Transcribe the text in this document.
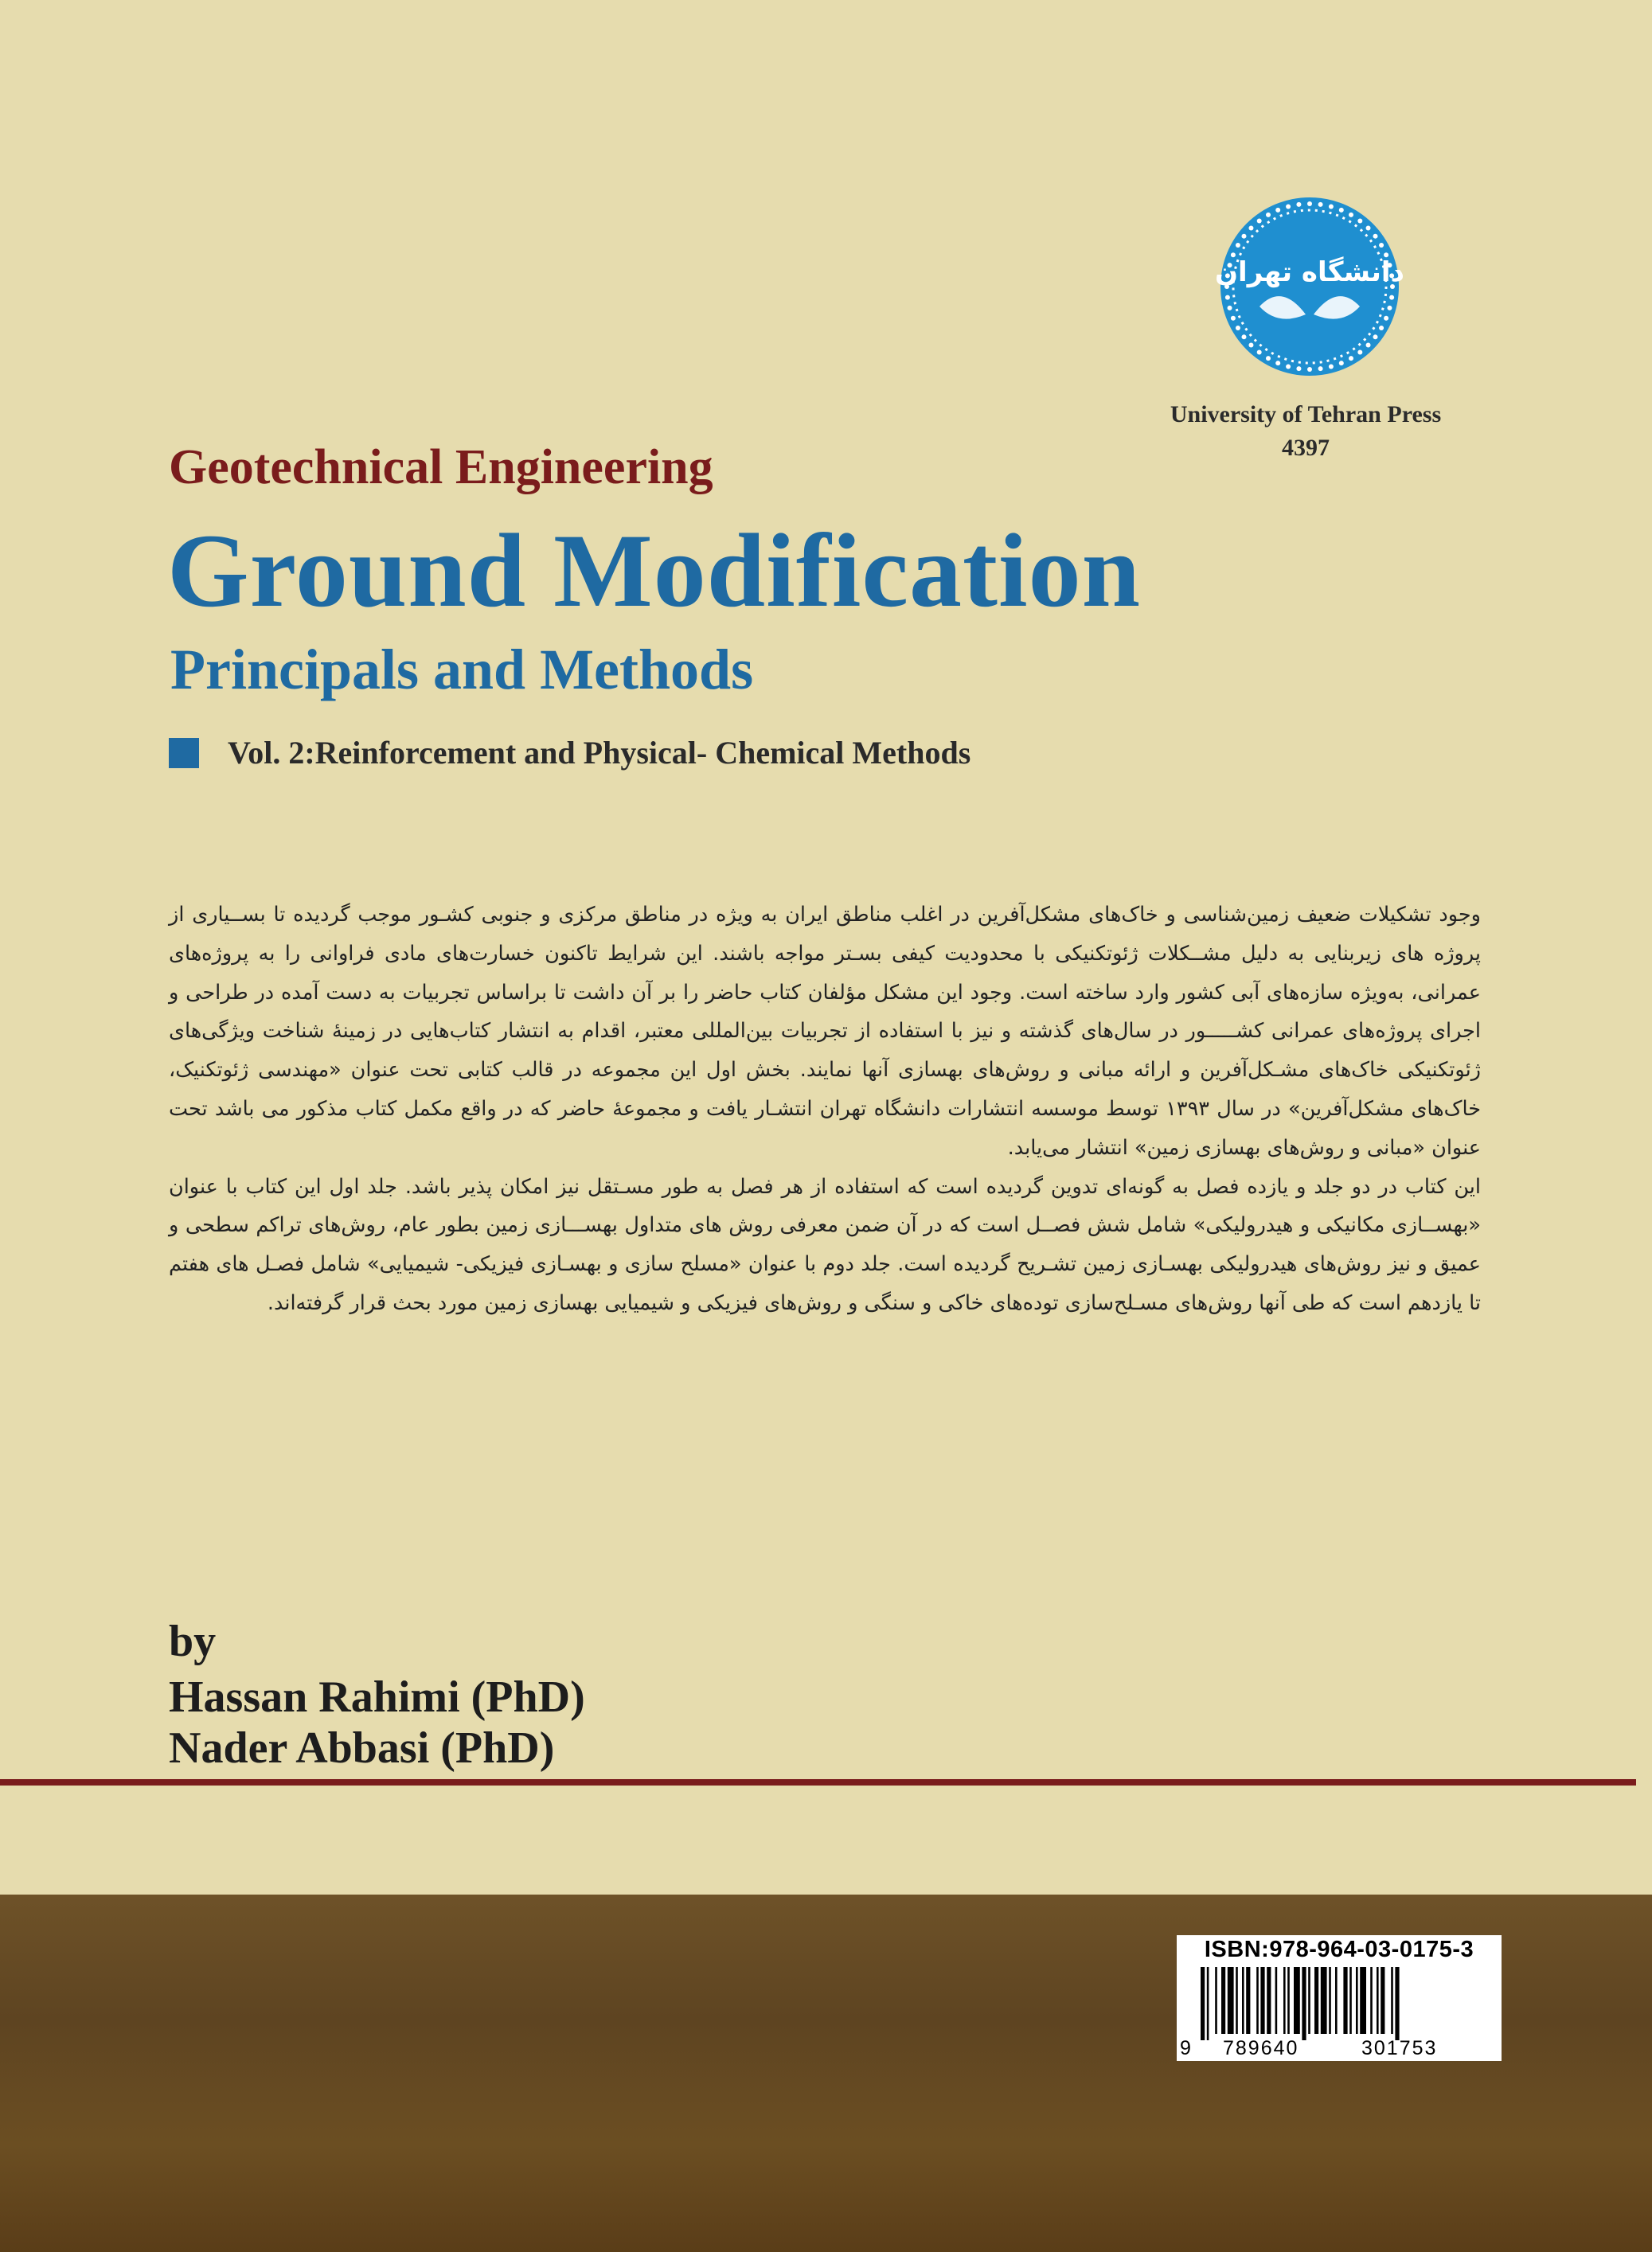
دانشگاه تهران
University of Tehran Press
4397
Geotechnical Engineering
Ground Modification
Principals and Methods
Vol. 2:Reinforcement and Physical- Chemical Methods

وجود تشکیلات ضعیف زمین‌شناسی و خاک‌های مشکل‌آفرین در اغلب مناطق ایران به ویژه در مناطق مرکزی و جنوبی کشـور موجب گردیده تا بســیاری از پروژه های زیربنایی به دلیل مشــکلات ژئوتکنیکی با محدودیت کیفی بسـتر مواجه باشند. این شرایط تاکنون خسارت‌های مادی فراوانی را به پروژه‌های عمرانی، به‌ویژه سازه‌های آبی کشور وارد ساخته است. وجود این مشکل مؤلفان کتاب حاضر را بر آن داشت تا براساس تجربیات به دست آمده در طراحی و اجرای پروژه‌های عمرانی کشـــــور در سال‌های گذشته و نیز با استفاده از تجربیات بین‌المللی معتبر، اقدام به انتشار کتاب‌هایی در زمینهٔ شناخت ویژگی‌های ژئوتکنیکی خاک‌های مشـکل‌آفرین و ارائه مبانی و روش‌های بهسازی آنها نمایند. بخش اول این مجموعه در قالب کتابی تحت عنوان «مهندسی ژئوتکنیک، خاک‌های مشکل‌آفرین» در سال ۱۳۹۳ توسط موسسه انتشارات دانشگاه تهران انتشـار یافت و مجموعهٔ حاضر که در واقع مکمل کتاب مذکور می باشد تحت عنوان «مبانی و روش‌های بهسازی زمین» انتشار می‌یابد.

این کتاب در دو جلد و یازده فصل به گونه‌ای تدوین گردیده است که استفاده از هر فصل به طور مسـتقل نیز امکان پذیر باشد. جلد اول این کتاب با عنوان «بهســازی مکانیکی و هیدرولیکی» شامل شش فصــل است که در آن ضمن معرفی روش های متداول بهســـازی زمین بطور عام، روش‌های تراکم سطحی و عمیق و نیز روش‌های هیدرولیکی بهسـازی زمین تشـریح گردیده است. جلد دوم با عنوان «مسلح سازی و بهسـازی فیزیکی- شیمیایی» شامل فصـل های هفتم تا یازدهم است که طی آنها روش‌های مسـلح‌سازی توده‌های خاکی و سنگی و روش‌های فیزیکی و شیمیایی بهسازی زمین مورد بحث قرار گرفته‌اند.

by
Hassan Rahimi (PhD)
Nader Abbasi (PhD)
ISBN:978-964-03-0175-3
9 789640	301753
